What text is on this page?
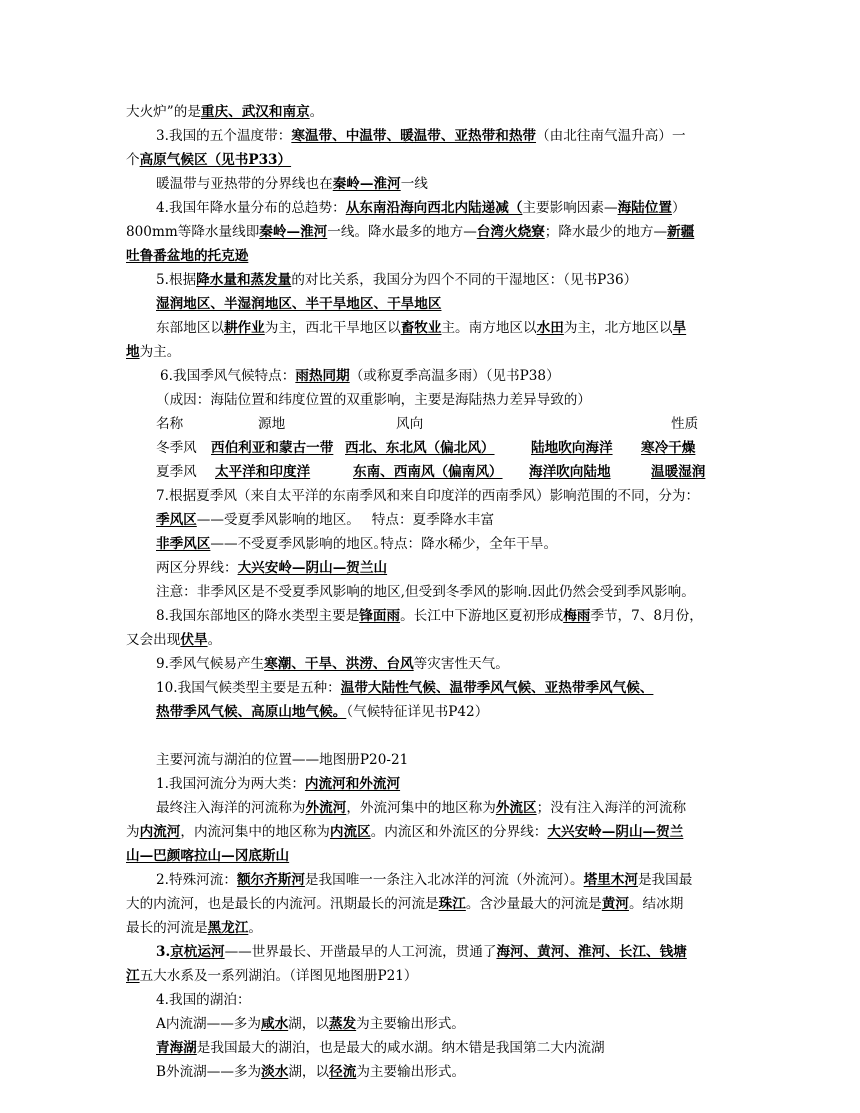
大火炉”的是重庆、武汉和南京。
3.我国的五个温度带：寒温带、中温带、暖温带、亚热带和热带（由北往南气温升高）一
个高原气候区（见书P33）
暖温带与亚热带的分界线也在秦岭—淮河一线
4.我国年降水量分布的总趋势：从东南沿海向西北内陆递减（主要影响因素—海陆位置）
800mm等降水量线即秦岭—淮河一线。降水最多的地方—台湾火烧寮；降水最少的地方—新疆
吐鲁番盆地的托克逊
5.根据降水量和蒸发量的对比关系，我国分为四个不同的干湿地区：（见书P36）
湿润地区、半湿润地区、半干旱地区、干旱地区
东部地区以耕作业为主，西北干旱地区以畜牧业主。南方地区以水田为主，北方地区以旱
地为主。
6.我国季风气候特点：雨热同期（或称夏季高温多雨）（见书P38）
（成因：海陆位置和纬度位置的双重影响，主要是海陆热力差异导致的）
名称	源地	风向	性质
冬季风	西伯利亚和蒙古一带 西北、东北风（偏北风）	陆地吹向海洋	寒冷干燥
夏季风	太平洋和印度洋	东南、西南风（偏南风）	海洋吹向陆地	温暖湿润
7.根据夏季风（来自太平洋的东南季风和来自印度洋的西南季风）影响范围的不同，分为：
季风区——受夏季风影响的地区。 特点：夏季降水丰富
非季风区——不受夏季风影响的地区。特点：降水稀少，全年干旱。
两区分界线：大兴安岭—阴山—贺兰山
注意：非季风区是不受夏季风影响的地区,但受到冬季风的影响.因此仍然会受到季风影响。
8.我国东部地区的降水类型主要是锋面雨。长江中下游地区夏初形成梅雨季节，7、8月份，
又会出现伏旱。
9.季风气候易产生寒潮、干旱、洪涝、台风等灾害性天气。
10.我国气候类型主要是五种：温带大陆性气候、温带季风气候、亚热带季风气候、
热带季风气候、高原山地气候。（气候特征详见书P42）
主要河流与湖泊的位置——地图册P20-21
1.我国河流分为两大类：内流河和外流河
最终注入海洋的河流称为外流河，外流河集中的地区称为外流区；没有注入海洋的河流称
为内流河，内流河集中的地区称为内流区。内流区和外流区的分界线：大兴安岭—阴山—贺兰
山—巴颜喀拉山—冈底斯山
2.特殊河流：额尔齐斯河是我国唯一一条注入北冰洋的河流（外流河）。塔里木河是我国最
大的内流河，也是最长的内流河。汛期最长的河流是珠江。含沙量最大的河流是黄河。结冰期
最长的河流是黑龙江。
3.京杭运河——世界最长、开凿最早的人工河流，贯通了海河、黄河、淮河、长江、钱塘
江五大水系及一系列湖泊。（详图见地图册P21）
4.我国的湖泊：
A内流湖——多为咸水湖，以蒸发为主要输出形式。
青海湖是我国最大的湖泊，也是最大的咸水湖。纳木错是我国第二大内流湖
B外流湖——多为淡水湖，以径流为主要输出形式。
